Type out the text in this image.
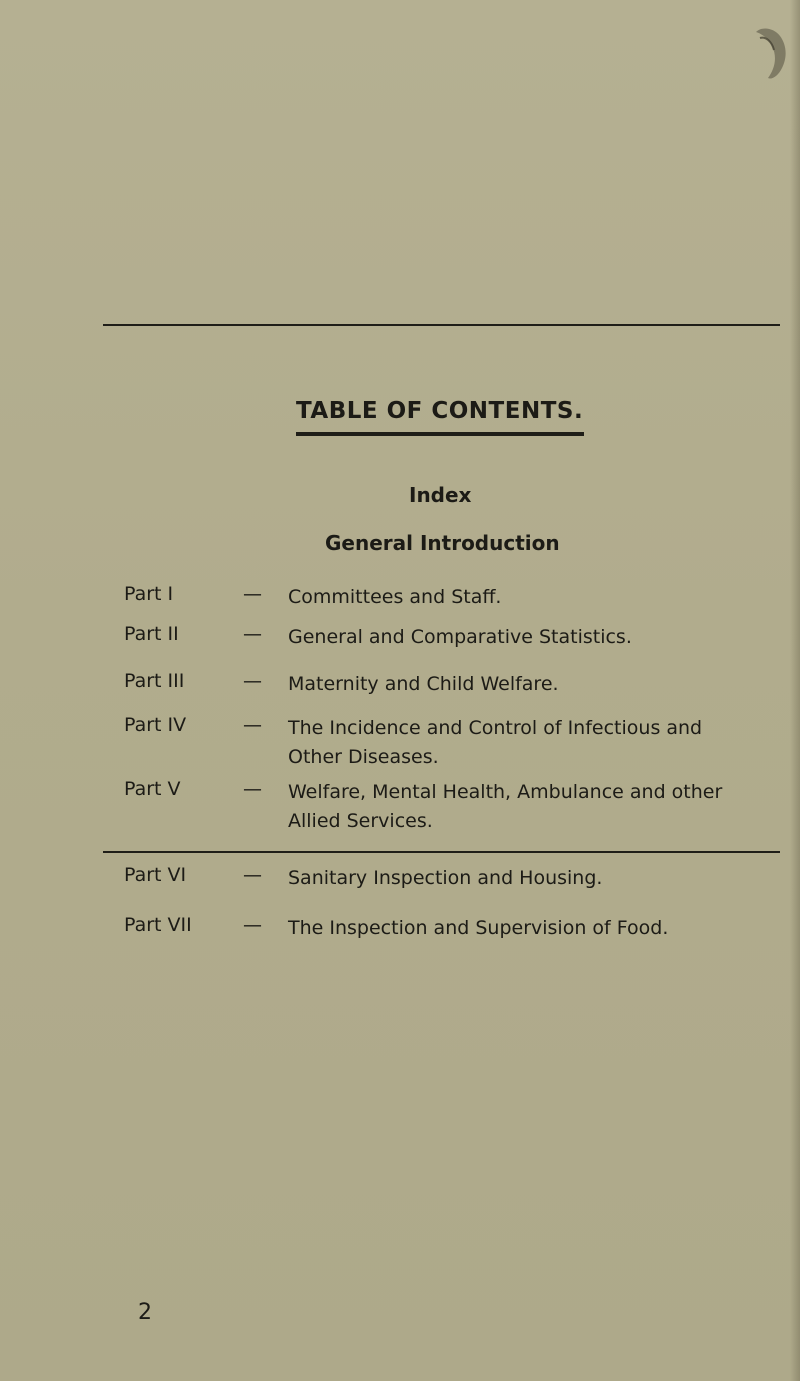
TABLE OF CONTENTS.
Index
General Introduction
Part I	— Committees and Staff.
Part II	— General and Comparative Statistics.
Part III	— Maternity and Child Welfare.
Part IV	— The Incidence and Control of Infectious and
Other Diseases.
Part V	— Welfare, Mental Health, Ambulance and other
Allied Services.
Part VI	— Sanitary Inspection and Housing.
Part VII	— The Inspection and Supervision of Food.
2
